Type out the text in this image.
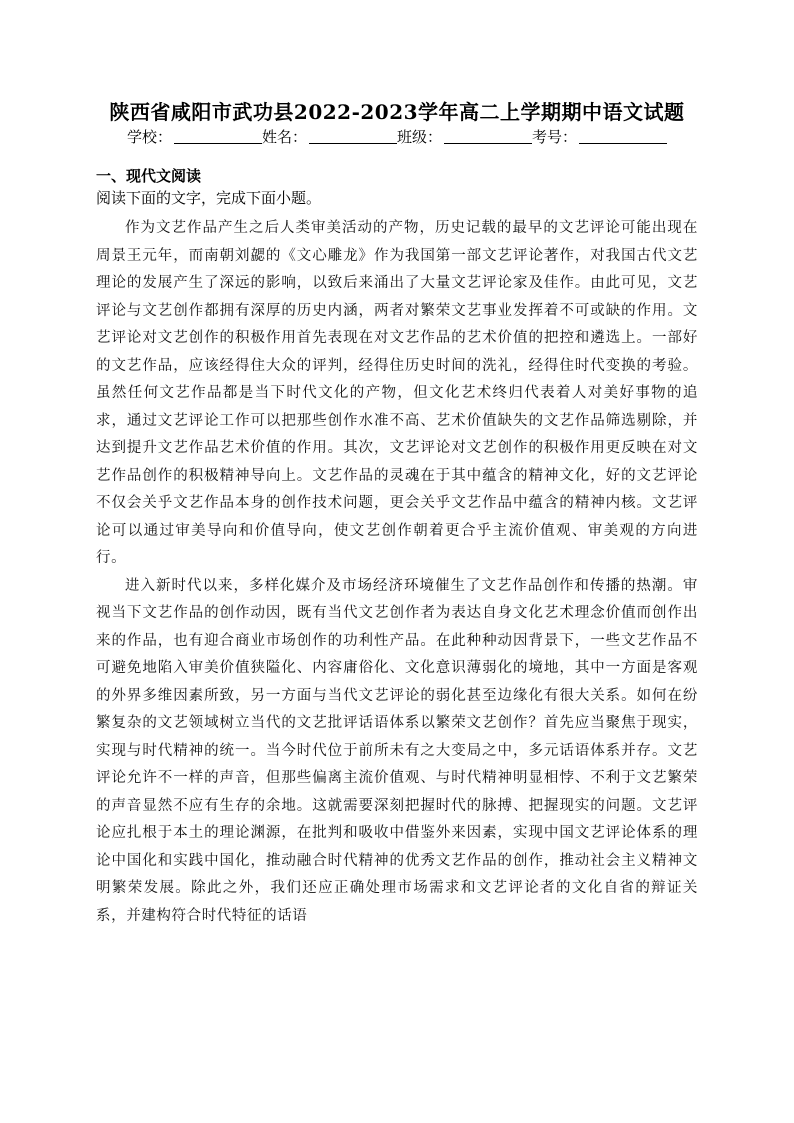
陕西省咸阳市武功县2022-2023学年高二上学期期中语文试题
学校：	姓名：	班级：	考号：
一、现代文阅读
阅读下面的文字，完成下面小题。

作为文艺作品产生之后人类审美活动的产物，历史记载的最早的文艺评论可能出现在周景王元年，而南朝刘勰的《文心雕龙》作为我国第一部文艺评论著作，对我国古代文艺理论的发展产生了深远的影响，以致后来涌出了大量文艺评论家及佳作。由此可见，文艺评论与文艺创作都拥有深厚的历史内涵，两者对繁荣文艺事业发挥着不可或缺的作用。文艺评论对文艺创作的积极作用首先表现在对文艺作品的艺术价值的把控和遴选上。一部好的文艺作品，应该经得住大众的评判，经得住历史时间的洗礼，经得住时代变换的考验。虽然任何文艺作品都是当下时代文化的产物，但文化艺术终归代表着人对美好事物的追求，通过文艺评论工作可以把那些创作水准不高、艺术价值缺失的文艺作品筛选剔除，并达到提升文艺作品艺术价值的作用。其次，文艺评论对文艺创作的积极作用更反映在对文艺作品创作的积极精神导向上。文艺作品的灵魂在于其中蕴含的精神文化，好的文艺评论不仅会关乎文艺作品本身的创作技术问题，更会关乎文艺作品中蕴含的精神内核。文艺评论可以通过审美导向和价值导向，使文艺创作朝着更合乎主流价值观、审美观的方向进行。

进入新时代以来，多样化媒介及市场经济环境催生了文艺作品创作和传播的热潮。审视当下文艺作品的创作动因，既有当代文艺创作者为表达自身文化艺术理念价值而创作出来的作品，也有迎合商业市场创作的功利性产品。在此种种动因背景下，一些文艺作品不可避免地陷入审美价值狭隘化、内容庸俗化、文化意识薄弱化的境地，其中一方面是客观的外界多维因素所致，另一方面与当代文艺评论的弱化甚至边缘化有很大关系。如何在纷繁复杂的文艺领域树立当代的文艺批评话语体系以繁荣文艺创作？首先应当聚焦于现实，实现与时代精神的统一。当今时代位于前所未有之大变局之中，多元话语体系并存。文艺评论允许不一样的声音，但那些偏离主流价值观、与时代精神明显相悖、不利于文艺繁荣的声音显然不应有生存的余地。这就需要深刻把握时代的脉搏、把握现实的问题。文艺评论应扎根于本土的理论渊源，在批判和吸收中借鉴外来因素，实现中国文艺评论体系的理论中国化和实践中国化，推动融合时代精神的优秀文艺作品的创作，推动社会主义精神文明繁荣发展。除此之外，我们还应正确处理市场需求和文艺评论者的文化自省的辩证关系，并建构符合时代特征的话语
